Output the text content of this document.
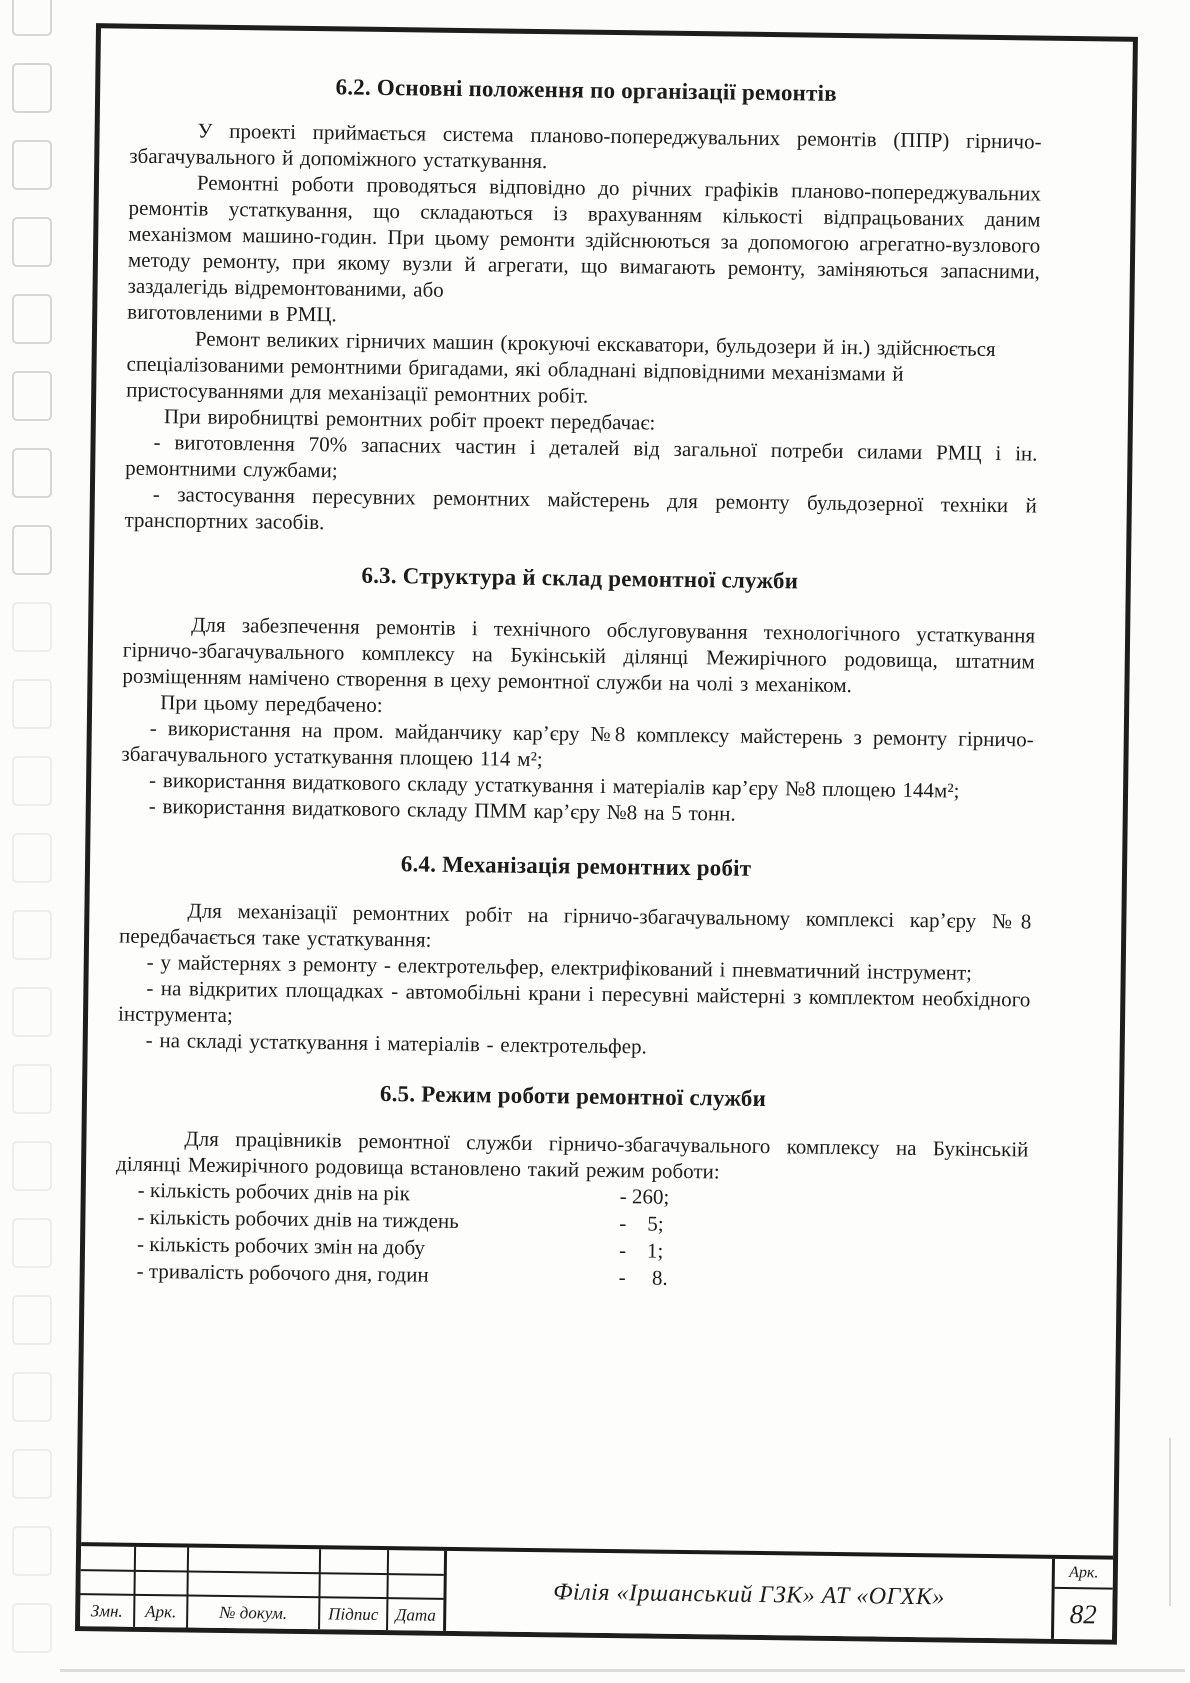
6.2. Основні положення по організації ремонтів

У проекті приймається система планово-попереджувальних ремонтів (ППР) гірничо-збагачувального й допоміжного устаткування.

Ремонтні роботи проводяться відповідно до річних графіків планово-попереджувальних ремонтів устаткування, що складаються із врахуванням кількості відпрацьованих даним механізмом машино-годин. При цьому ремонти здійснюються за допомогою агрегатно-вузлового методу ремонту, при якому вузли й агрегати, що вимагають ремонту, заміняються запасними, заздалегідь відремонтованими, або

виготовленими в РМЦ.

Ремонт великих гірничих машин (крокуючі екскаватори, бульдозери й ін.) здійснюється спеціалізованими ремонтними бригадами, які обладнані відповідними механізмами й пристосуваннями для механізації ремонтних робіт.

При виробництві ремонтних робіт проект передбачає:

- виготовлення 70% запасних частин і деталей від загальної потреби силами РМЦ і ін. ремонтними службами;

- застосування пересувних ремонтних майстерень для ремонту бульдозерної техніки й транспортних засобів.

6.3. Структура й склад ремонтної служби

Для забезпечення ремонтів і технічного обслуговування технологічного устаткування гірничо-збагачувального комплексу на Букінській ділянці Межирічного родовища, штатним розміщенням намічено створення в цеху ремонтної служби на чолі з механіком.

При цьому передбачено:

- використання на пром. майданчику кар’єру №8 комплексу майстерень з ремонту гірничо-збагачувального устаткування площею 114 м²;

- використання видаткового складу устаткування і матеріалів кар’єру №8 площею 144м²;

- використання видаткового складу ПММ кар’єру №8 на 5 тонн.

6.4. Механізація ремонтних робіт

Для механізації ремонтних робіт на гірничо-збагачувальному комплексі кар’єру №8 передбачається таке устаткування:

- у майстернях з ремонту - електротельфер, електрифікований і пневматичний інструмент;

- на відкритих площадках - автомобільні крани і пересувні майстерні з комплектом необхідного інструмента;

- на складі устаткування і матеріалів - електротельфер.

6.5. Режим роботи ремонтної служби

Для працівників ремонтної служби гірничо-збагачувального комплексу на Букінській ділянці Межирічного родовища встановлено такий режим роботи:

- кількість робочих днів на рік	- 260;
- кількість робочих днів на тиждень	-    5;
- кількість робочих змін на добу	-    1;
- тривалість робочого дня, годин	-     8.
Змн.	Арк.	№ докум.	Підпис	Дата
Філія «Іршанський ГЗК» АТ «ОГХК»
Арк.
82
